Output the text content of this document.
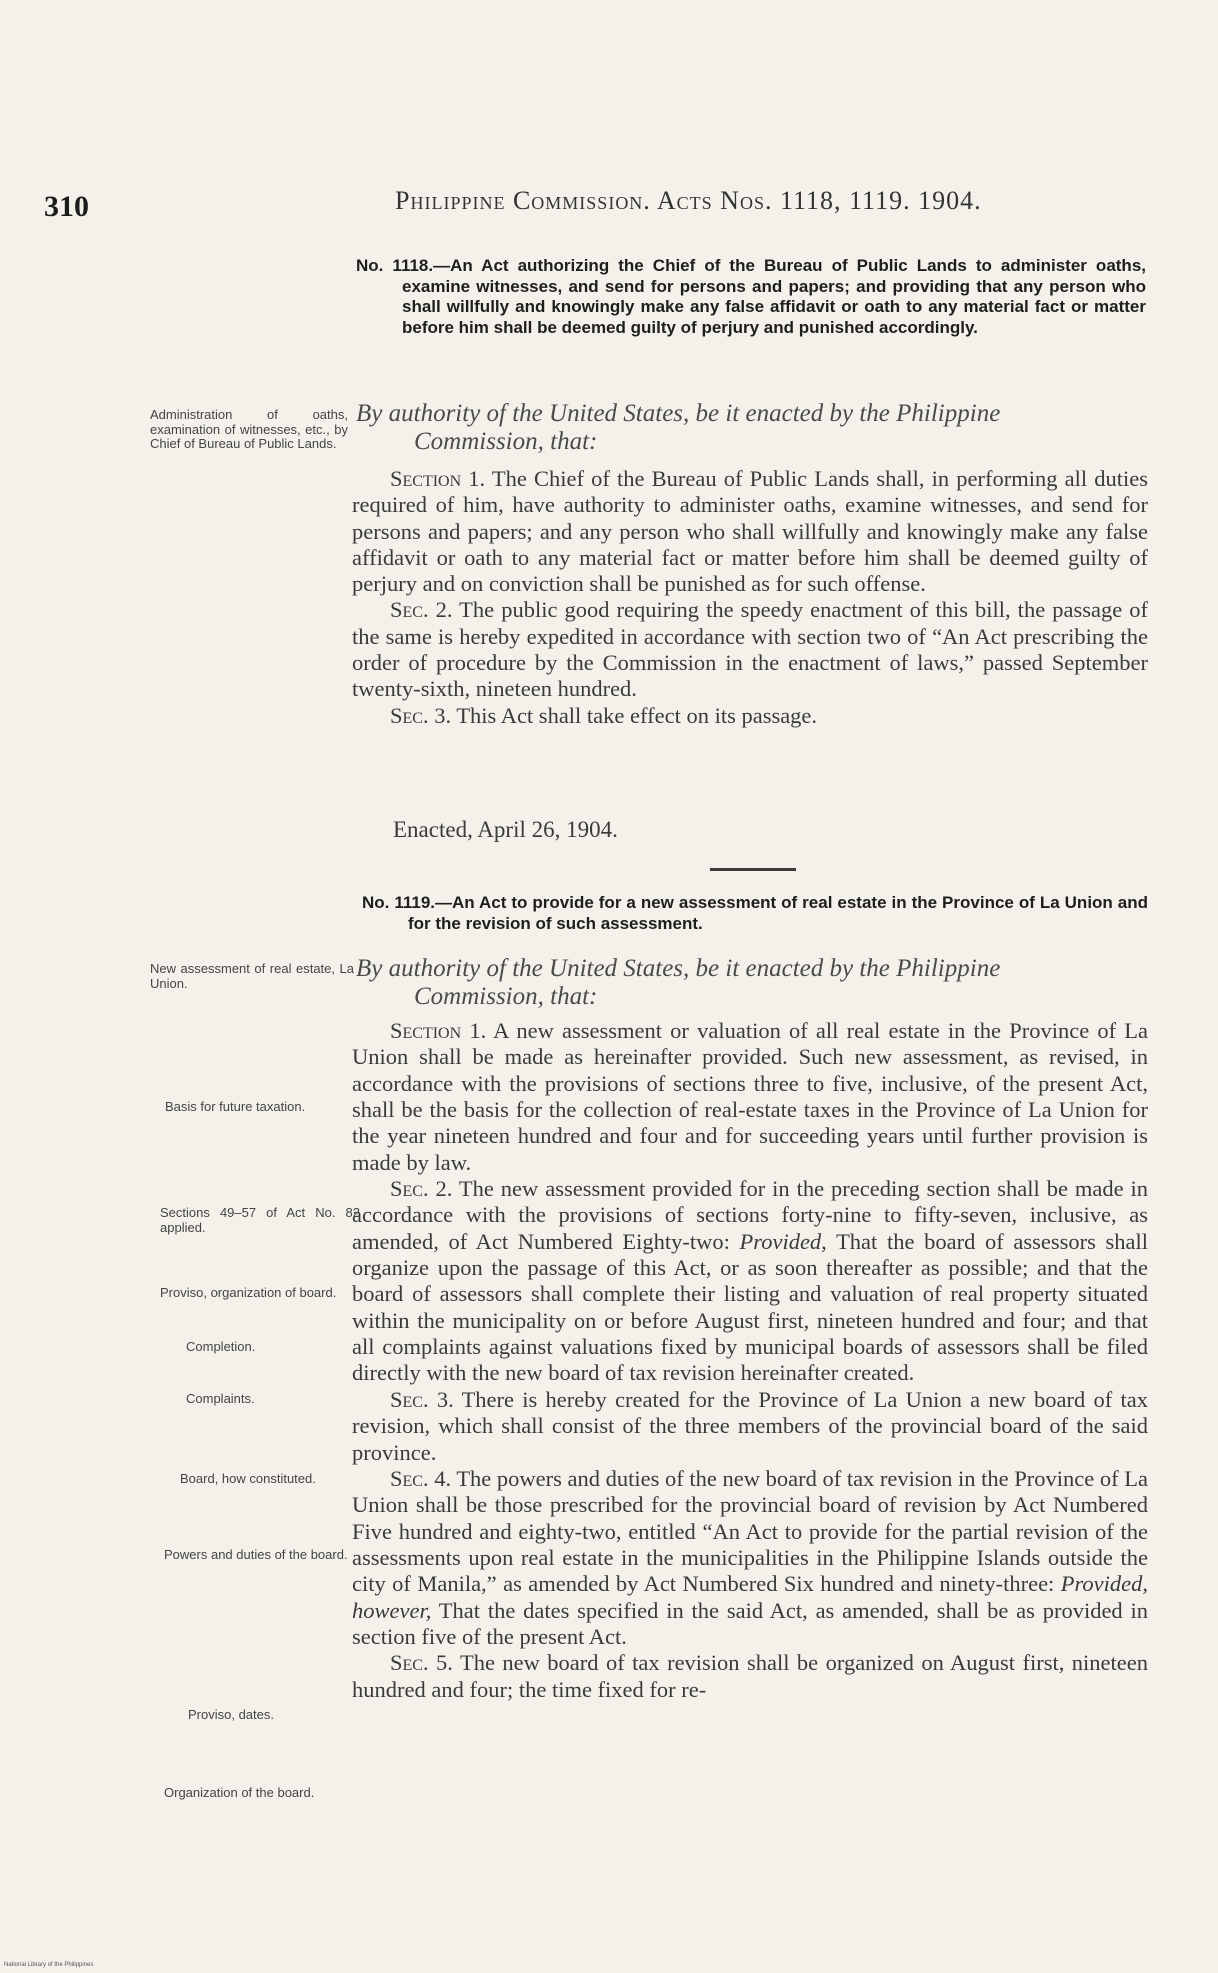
310	Philippine Commission. Acts Nos. 1118, 1119. 1904.

No. 1118.—An Act authorizing the Chief of the Bureau of Public Lands to administer oaths, examine witnesses, and send for persons and papers; and providing that any person who shall willfully and knowingly make any false affidavit or oath to any material fact or matter before him shall be deemed guilty of perjury and punished accordingly.

Administration of oaths, examination of witnesses, etc., by Chief of Bureau of Public Lands.
By authority of the United States, be it enacted by the Philippine
Commission, that:

Section 1. The Chief of the Bureau of Public Lands shall, in performing all duties required of him, have authority to administer oaths, examine witnesses, and send for persons and papers; and any person who shall willfully and knowingly make any false affidavit or oath to any material fact or matter before him shall be deemed guilty of perjury and on conviction shall be punished as for such offense.

Sec. 2. The public good requiring the speedy enactment of this bill, the passage of the same is hereby expedited in accordance with section two of “An Act prescribing the order of procedure by the Commission in the enactment of laws,” passed September twenty-sixth, nineteen hundred.

Sec. 3. This Act shall take effect on its passage.

Enacted, April 26, 1904.

No. 1119.—An Act to provide for a new assessment of real estate in the Province of La Union and for the revision of such assessment.

New assessment of real estate, La Union.
By authority of the United States, be it enacted by the Philippine
Commission, that:

Section 1. A new assessment or valuation of all real estate in the Province of La Union shall be made as hereinafter provided. Such new assessment, as revised, in accordance with the provisions of sections three to five, inclusive, of the present Act, shall be the basis for the collection of real-estate taxes in the Province of La Union for the year nineteen hundred and four and for succeeding years until further provision is made by law.

Sec. 2. The new assessment provided for in the preceding section shall be made in accordance with the provisions of sections forty-nine to fifty-seven, inclusive, as amended, of Act Numbered Eighty-two: Provided, That the board of assessors shall organize upon the passage of this Act, or as soon thereafter as possible; and that the board of assessors shall complete their listing and valuation of real property situated within the municipality on or before August first, nineteen hundred and four; and that all complaints against valuations fixed by municipal boards of assessors shall be filed directly with the new board of tax revision hereinafter created.

Sec. 3. There is hereby created for the Province of La Union a new board of tax revision, which shall consist of the three members of the provincial board of the said province.

Sec. 4. The powers and duties of the new board of tax revision in the Province of La Union shall be those prescribed for the provincial board of revision by Act Numbered Five hundred and eighty-two, entitled “An Act to provide for the partial revision of the assessments upon real estate in the municipalities in the Philippine Islands outside the city of Manila,” as amended by Act Numbered Six hundred and ninety-three: Provided, however, That the dates specified in the said Act, as amended, shall be as provided in section five of the present Act.

Sec. 5. The new board of tax revision shall be organized on August first, nineteen hundred and four; the time fixed for re-

Basis for future taxation.
Sections 49–57 of Act No. 82 applied.
Proviso, organization of board.
Completion.
Complaints.
Board, how constituted.
Powers and duties of the board.
Proviso, dates.
Organization of the board.
National Library of the Philippines
